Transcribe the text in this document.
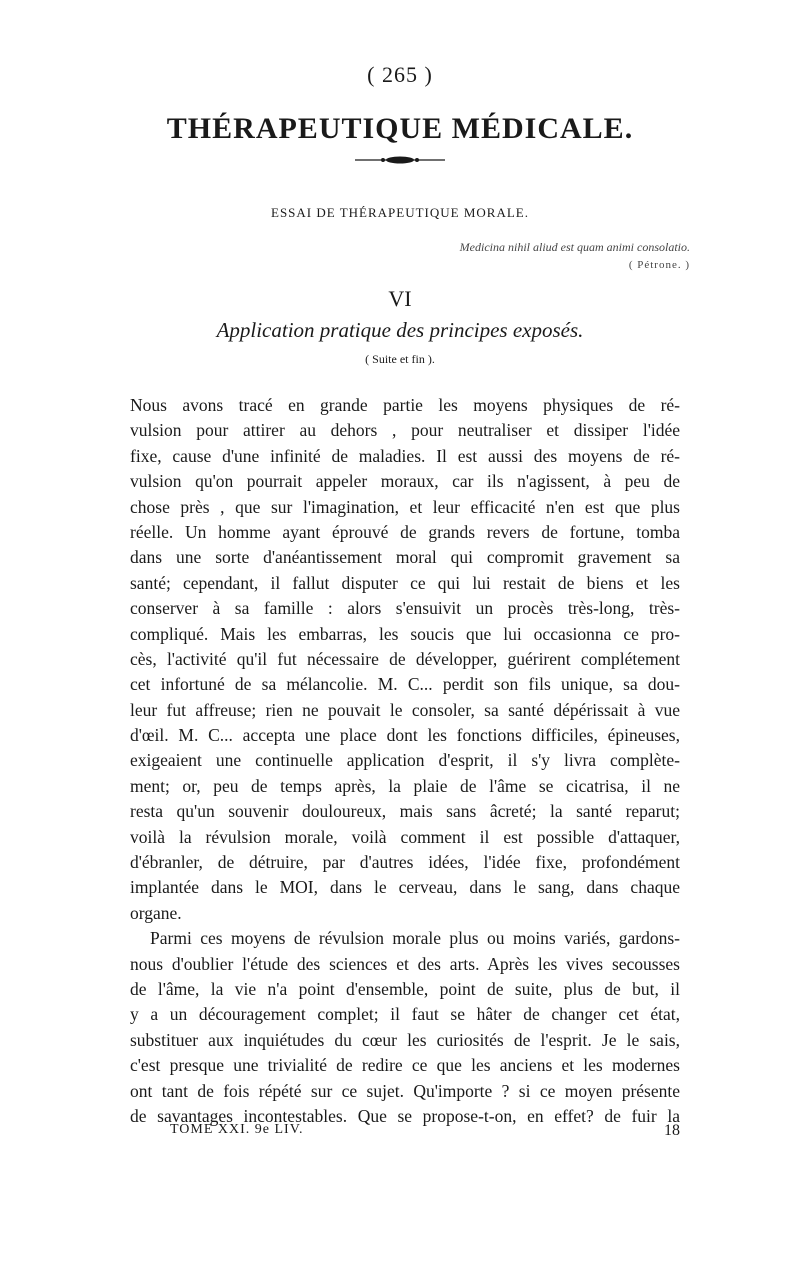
( 265 )
THÉRAPEUTIQUE MÉDICALE.
ESSAI DE THÉRAPEUTIQUE MORALE.
Medicina nihil aliud est quam animi consolatio.
( Pétrone. )
VI
Application pratique des principes exposés.
( Suite et fin ).
Nous avons tracé en grande partie les moyens physiques de ré-
vulsion pour attirer au dehors , pour neutraliser et dissiper l'idée
fixe, cause d'une infinité de maladies. Il est aussi des moyens de ré-
vulsion qu'on pourrait appeler moraux, car ils n'agissent, à peu de
chose près , que sur l'imagination, et leur efficacité n'en est que plus
réelle. Un homme ayant éprouvé de grands revers de fortune, tomba
dans une sorte d'anéantissement moral qui compromit gravement sa
santé; cependant, il fallut disputer ce qui lui restait de biens et les
conserver à sa famille : alors s'ensuivit un procès très-long, très-
compliqué. Mais les embarras, les soucis que lui occasionna ce pro-
cès, l'activité qu'il fut nécessaire de développer, guérirent complétement
cet infortuné de sa mélancolie. M. C... perdit son fils unique, sa dou-
leur fut affreuse; rien ne pouvait le consoler, sa santé dépérissait à vue
d'œil. M. C... accepta une place dont les fonctions difficiles, épineuses,
exigeaient une continuelle application d'esprit, il s'y livra complète-
ment; or, peu de temps après, la plaie de l'âme se cicatrisa, il ne
resta qu'un souvenir douloureux, mais sans âcreté; la santé reparut;
voilà la révulsion morale, voilà comment il est possible d'attaquer,
d'ébranler, de détruire, par d'autres idées, l'idée fixe, profondément
implantée dans le MOI, dans le cerveau, dans le sang, dans chaque
organe.
Parmi ces moyens de révulsion morale plus ou moins variés, gardons-
nous d'oublier l'étude des sciences et des arts. Après les vives secousses
de l'âme, la vie n'a point d'ensemble, point de suite, plus de but, il
y a un découragement complet; il faut se hâter de changer cet état,
substituer aux inquiétudes du cœur les curiosités de l'esprit. Je le sais,
c'est presque une trivialité de redire ce que les anciens et les modernes
ont tant de fois répété sur ce sujet. Qu'importe ? si ce moyen présente
de savantages incontestables. Que se propose-t-on, en effet? de fuir la
TOME XXI. 9e LIV.	18
